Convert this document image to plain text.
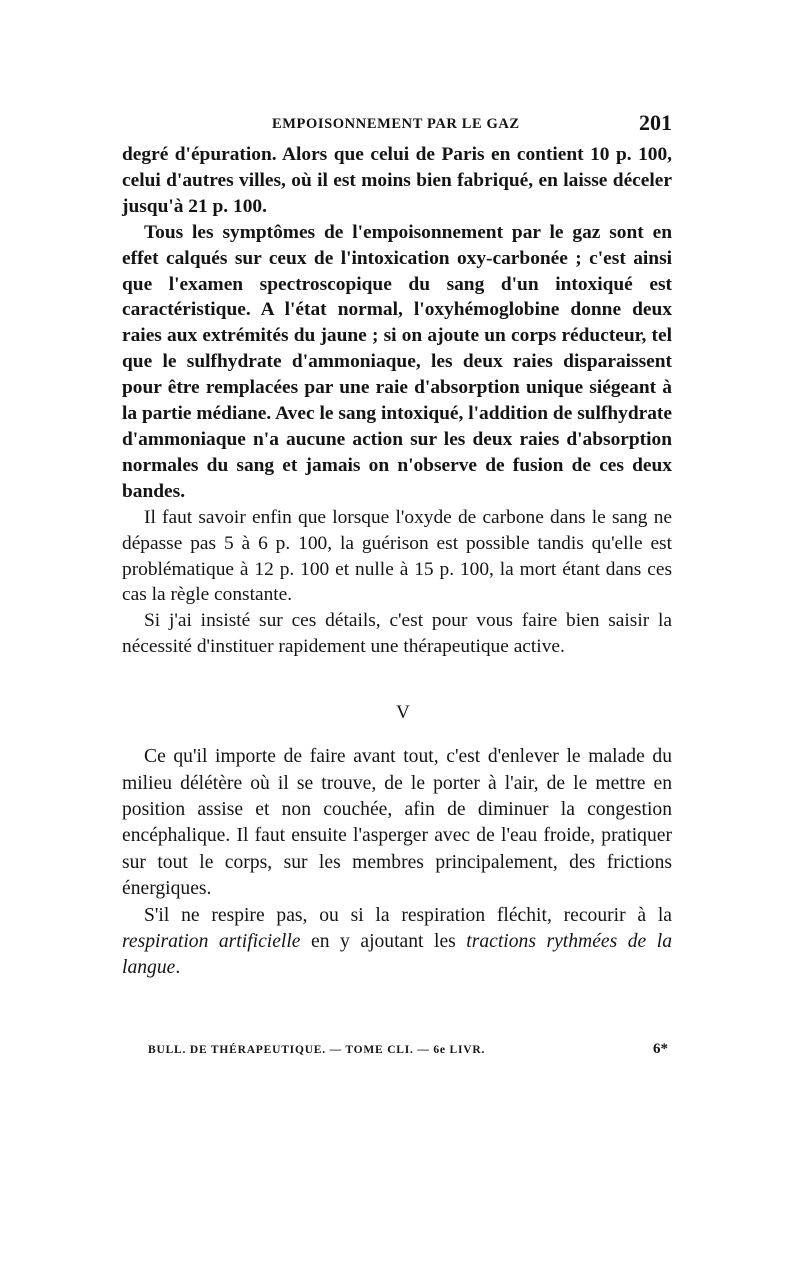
EMPOISONNEMENT PAR LE GAZ	201

degré d'épuration. Alors que celui de Paris en contient 10 p. 100, celui d'autres villes, où il est moins bien fabriqué, en laisse déceler jusqu'à 21 p. 100.

Tous les symptômes de l'empoisonnement par le gaz sont en effet calqués sur ceux de l'intoxication oxy-carbonée ; c'est ainsi que l'examen spectroscopique du sang d'un intoxiqué est caractéristique. A l'état normal, l'oxyhémoglobine donne deux raies aux extrémités du jaune ; si on ajoute un corps réducteur, tel que le sulfhydrate d'ammoniaque, les deux raies disparaissent pour être remplacées par une raie d'absorption unique siégeant à la partie médiane. Avec le sang intoxiqué, l'addition de sulfhydrate d'ammoniaque n'a aucune action sur les deux raies d'absorption normales du sang et jamais on n'observe de fusion de ces deux bandes.

Il faut savoir enfin que lorsque l'oxyde de carbone dans le sang ne dépasse pas 5 à 6 p. 100, la guérison est possible tandis qu'elle est problématique à 12 p. 100 et nulle à 15 p. 100, la mort étant dans ces cas la règle constante.

Si j'ai insisté sur ces détails, c'est pour vous faire bien saisir la nécessité d'instituer rapidement une thérapeutique active.

V

Ce qu'il importe de faire avant tout, c'est d'enlever le malade du milieu délétère où il se trouve, de le porter à l'air, de le mettre en position assise et non couchée, afin de diminuer la congestion encéphalique. Il faut ensuite l'asperger avec de l'eau froide, pratiquer sur tout le corps, sur les membres principalement, des frictions énergiques.

S'il ne respire pas, ou si la respiration fléchit, recourir à la respiration artificielle en y ajoutant les tractions rythmées de la langue.

BULL. DE THÉRAPEUTIQUE. — TOME CLI. — 6e LIVR.	6*
